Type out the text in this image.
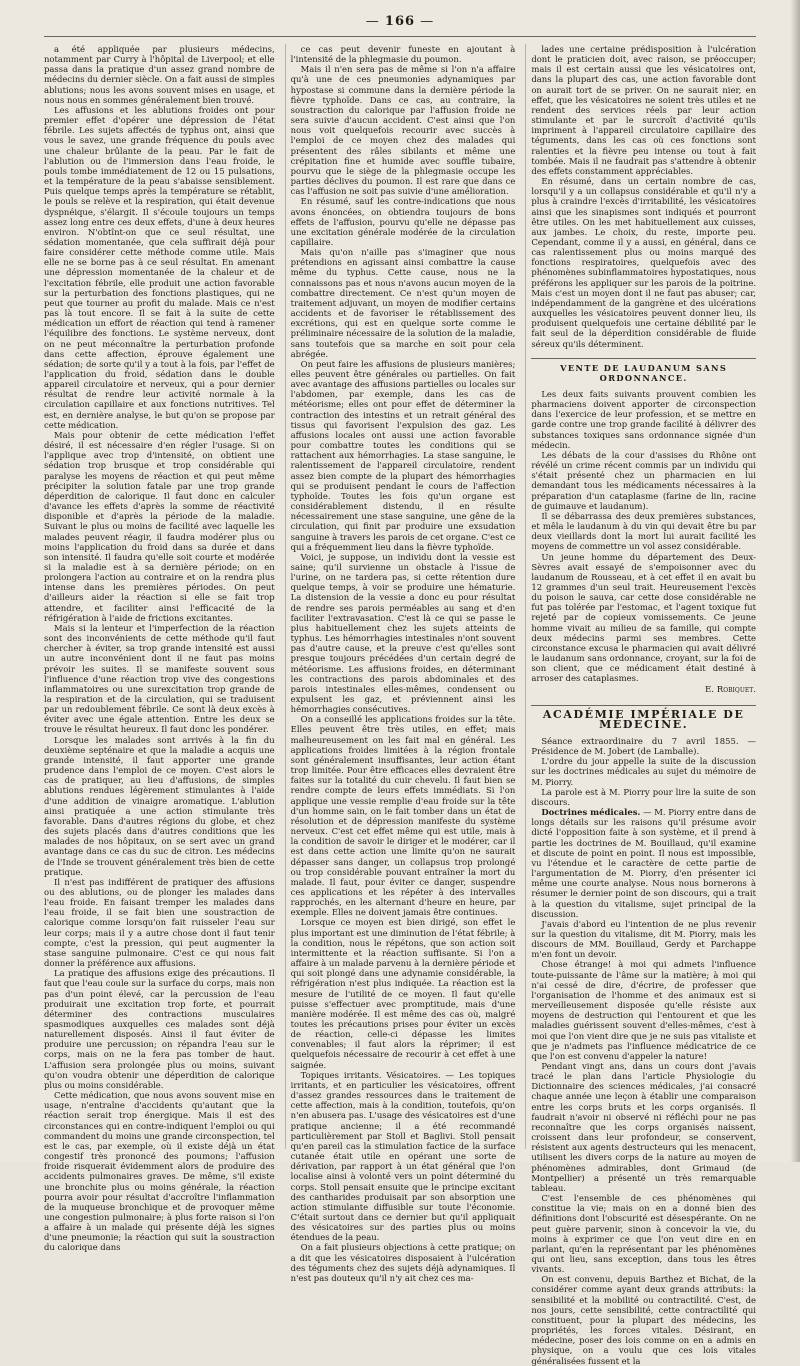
— 166 —

a été appliquée par plusieurs médecins, notamment par Curry à l'hôpital de Liverpool; et elle passa dans la pratique d'un assez grand nombre de médecins du dernier siècle. On a fait aussi de simples ablutions; nous les avons souvent mises en usage, et nous nous en sommes généralement bien trouvé.

Les affusions et les ablutions froides ont pour premier effet d'opérer une dépression de l'état fébrile. Les sujets affectés de typhus ont, ainsi que vous le savez, une grande fréquence du pouls avec une chaleur brûlante de la peau. Par le fait de l'ablution ou de l'immersion dans l'eau froide, le pouls tombe immédiatement de 12 ou 15 pulsations, et la température de la peau s'abaisse sensiblement. Puis quelque temps après la température se rétablit, le pouls se relève et la respiration, qui était devenue dyspnéique, s'élargit. Il s'écoule toujours un temps assez long entre ces deux effets, d'une à deux heures environ. N'obtînt-on que ce seul résultat, une sédation momentanée, que cela suffirait déjà pour faire considérer cette méthode comme utile. Mais elle ne se borne pas à ce seul résultat. En amenant une dépression momentanée de la chaleur et de l'excitation fébrile, elle produit une action favorable sur la perturbation des fonctions plastiques, qui ne peut que tourner au profit du malade. Mais ce n'est pas là tout encore. Il se fait à la suite de cette médication un effort de réaction qui tend à ramener l'équilibre des fonctions. Le système nerveux, dont on ne peut méconnaître la perturbation profonde dans cette affection, éprouve également une sédation; de sorte qu'il y a tout à la fois, par l'effet de l'application du froid, sédation dans le double appareil circulatoire et nerveux, qui a pour dernier résultat de rendre leur activité normale à la circulation capillaire et aux fonctions nutritives. Tel est, en dernière analyse, le but qu'on se propose par cette médication.

Mais pour obtenir de cette médication l'effet désiré, il est nécessaire d'en régler l'usage. Si on l'applique avec trop d'intensité, on obtient une sédation trop brusque et trop considérable qui paralyse les moyens de réaction et qui peut même précipiter la solution fatale par une trop grande déperdition de calorique. Il faut donc en calculer d'avance les effets d'après la somme de réactivité disponible et d'après la période de la maladie. Suivant le plus ou moins de facilité avec laquelle les malades peuvent réagir, il faudra modérer plus ou moins l'application du froid dans sa durée et dans son intensité. Il faudra qu'elle soit courte et modérée si la maladie est à sa dernière période; on en prolongera l'action au contraire et on la rendra plus intense dans les premières périodes. On peut d'ailleurs aider la réaction si elle se fait trop attendre, et faciliter ainsi l'efficacité de la réfrigération à l'aide de frictions excitantes.

Mais si la lenteur et l'imperfection de la réaction sont des inconvénients de cette méthode qu'il faut chercher à éviter, sa trop grande intensité est aussi un autre inconvénient dont il ne faut pas moins prévoir les suites. Il se manifeste souvent sous l'influence d'une réaction trop vive des congestions inflammatoires ou une surexcitation trop grande de la respiration et de la circulation, qui se traduisent par un redoublement fébrile. Ce sont là deux excès à éviter avec une égale attention. Entre les deux se trouve le résultat heureux. Il faut donc les pondérer.

Lorsque les malades sont arrivés à la fin du deuxième septénaire et que la maladie a acquis une grande intensité, il faut apporter une grande prudence dans l'emploi de ce moyen. C'est alors le cas de pratiquer, au lieu d'affusions, de simples ablutions rendues légèrement stimulantes à l'aide d'une addition de vinaigre aromatique. L'ablution ainsi pratiquée a une action stimulante très favorable. Dans d'autres régions du globe, et chez des sujets placés dans d'autres conditions que les malades de nos hôpitaux, on se sert avec un grand avantage dans ce cas du suc de citron. Les médecins de l'Inde se trouvent généralement très bien de cette pratique.

Il n'est pas indifférent de pratiquer des affusions ou des ablutions, ou de plonger les malades dans l'eau froide. En faisant tremper les malades dans l'eau froide, il se fait bien une soustraction de calorique comme lorsqu'on fait ruisseler l'eau sur leur corps; mais il y a autre chose dont il faut tenir compte, c'est la pression, qui peut augmenter la stase sanguine pulmonaire. C'est ce qui nous fait donner la préférence aux affusions.

La pratique des affusions exige des précautions. Il faut que l'eau coule sur la surface du corps, mais non pas d'un point élevé, car la percussion de l'eau produirait une excitation trop forte, et pourrait déterminer des contractions musculaires spasmodiques auxquelles ces malades sont déjà naturellement disposés. Ainsi il faut éviter de produire une percussion; on répandra l'eau sur le corps, mais on ne la fera pas tomber de haut. L'affusion sera prolongée plus ou moins, suivant qu'on voudra obtenir une déperdition de calorique plus ou moins considérable.

Cette médication, que nous avons souvent mise en usage, n'entraîne d'accidents qu'autant que la réaction serait trop énergique. Mais il est des circonstances qui en contre-indiquent l'emploi ou qui commandent du moins une grande circonspection, tel est le cas, par exemple, où il existe déjà un état congestif très prononcé des poumons; l'affusion froide risquerait évidemment alors de produire des accidents pulmonaires graves. De même, s'il existe une bronchite plus ou moins générale, la réaction pourra avoir pour résultat d'accroître l'inflammation de la muqueuse bronchique et de provoquer même une congestion pulmonaire; à plus forte raison si l'on a affaire à un malade qui présente déjà les signes d'une pneumonie; la réaction qui suit la soustraction du calorique dans

ce cas peut devenir funeste en ajoutant à l'intensité de la phlegmasie du poumon.

Mais il n'en sera pas de même si l'on n'a affaire qu'à une de ces pneumonies adynamiques par hypostase si commune dans la dernière période la fièvre typhoïde. Dans ce cas, au contraire, la soustraction du calorique par l'affusion froide ne sera suivie d'aucun accident. C'est ainsi que l'on nous voit quelquefois recourir avec succès à l'emploi de ce moyen chez des malades qui présentent des râles sibilants et même une crépitation fine et humide avec souffle tubaire, pourvu que le siège de la phlegmasie occupe les parties déclives du poumon. Il est rare que dans ce cas l'affusion ne soit pas suivie d'une amélioration.

En résumé, sauf les contre-indications que nous avons énoncées, on obtiendra toujours de bons effets de l'affusion, pourvu qu'elle ne dépasse pas une excitation générale modérée de la circulation capillaire.

Mais qu'on n'aille pas s'imaginer que nous prétendions en agissant ainsi combattre la cause même du typhus. Cette cause, nous ne la connaissons pas et nous n'avons aucun moyen de la combattre directement. Ce n'est qu'un moyen de traitement adjuvant, un moyen de modifier certains accidents et de favoriser le rétablissement des excrétions, qui est en quelque sorte comme le préliminaire nécessaire de la solution de la maladie, sans toutefois que sa marche en soit pour cela abrégée.

On peut faire les affusions de plusieurs manières; elles peuvent être générales ou partielles. On fait avec avantage des affusions partielles ou locales sur l'abdomen, par exemple, dans les cas de météorisme; elles ont pour effet de déterminer la contraction des intestins et un retrait général des tissus qui favorisent l'expulsion des gaz. Les affusions locales ont aussi une action favorable pour combattre toutes les conditions qui se rattachent aux hémorrhagies. La stase sanguine, le ralentissement de l'appareil circulatoire, rendent assez bien compte de la plupart des hémorrhagies qui se produisent pendant le cours de l'affection typhoïde. Toutes les fois qu'un organe est considérablement distendu, il en résulte nécessairement une stase sanguine, une gêne de la circulation, qui finit par produire une exsudation sanguine à travers les parois de cet organe. C'est ce qui a fréquemment lieu dans la fièvre typhoïde.

Voici, je suppose, un individu dont la vessie est saine; qu'il survienne un obstacle à l'issue de l'urine, on ne tardera pas, si cette rétention dure quelque temps, à voir se produire une hématurie. La distension de la vessie a donc eu pour résultat de rendre ses parois perméables au sang et d'en faciliter l'extravasation. C'est là ce qui se passe le plus habituellement chez les sujets atteints de typhus. Les hémorrhagies intestinales n'ont souvent pas d'autre cause, et la preuve c'est qu'elles sont presque toujours précédées d'un certain degré de météorisme. Les affusions froides, en déterminant les contractions des parois abdominales et des parois intestinales elles-mêmes, condensent ou expulsent les gaz, et préviennent ainsi les hémorrhagies consécutives.

On a conseillé les applications froides sur la tête. Elles peuvent être très utiles, en effet; mais malheureusement on les fait mal en général. Les applications froides limitées à la région frontale sont généralement insuffisantes, leur action étant trop limitée. Pour être efficaces elles devraient être faites sur la totalité du cuir chevelu. Il faut bien se rendre compte de leurs effets immédiats. Si l'on applique une vessie remplie d'eau froide sur la tête d'un homme sain, on le fait tomber dans un état de résolution et de dépression manifeste du système nerveux. C'est cet effet même qui est utile, mais à la condition de savoir le diriger et le modérer, car il est dans cette action une limite qu'on ne saurait dépasser sans danger, un collapsus trop prolongé ou trop considérable pouvant entraîner la mort du malade. Il faut, pour éviter ce danger, suspendre ces applications et les répéter à des intervalles rapprochés, en les alternant d'heure en heure, par exemple. Elles ne doivent jamais être continues.

Lorsque ce moyen est bien dirigé, son effet le plus important est une diminution de l'état fébrile; à la condition, nous le répétons, que son action soit intermittente et la réaction suffisante. Si l'on a affaire à un malade parvenu à la dernière période et qui soit plongé dans une adynamie considérable, la réfrigération n'est plus indiquée. La réaction est la mesure de l'utilité de ce moyen. Il faut qu'elle puisse s'effectuer avec promptitude, mais d'une manière modérée. Il est même des cas où, malgré toutes les précautions prises pour éviter un excès de réaction, celle-ci dépasse les limites convenables; il faut alors la réprimer; il est quelquefois nécessaire de recourir à cet effet à une saignée.

Topiques irritants. Vésicatoires. — Les topiques irritants, et en particulier les vésicatoires, offrent d'assez grandes ressources dans le traitement de cette affection, mais à la condition, toutefois, qu'on n'en abusera pas. L'usage des vésicatoires est d'une pratique ancienne; il a été recommandé particulièrement par Stoll et Baglivi. Stoll pensait qu'en pareil cas la stimulation factice de la surface cutanée était utile en opérant une sorte de dérivation, par rapport à un état général que l'on localise ainsi à volonté vers un point déterminé du corps. Stoll pensait ensuite que le principe excitant des cantharides produisait par son absorption une action stimulante diffusible sur toute l'économie. C'était surtout dans ce dernier but qu'il appliquait des vésicatoires sur des parties plus ou moins étendues de la peau.

On a fait plusieurs objections à cette pratique; on a dit que les vésicatoires disposaient à l'ulcération des téguments chez des sujets déjà adynamiques. Il n'est pas douteux qu'il n'y ait chez ces ma-

lades une certaine prédisposition à l'ulcération dont le praticien doit, avec raison, se préoccuper; mais il est certain aussi que les vésicatoires ont, dans la plupart des cas, une action favorable dont on aurait tort de se priver. On ne saurait nier, en effet, que les vésicatoires ne soient très utiles et ne rendent des services réels par leur action stimulante et par le surcroît d'activité qu'ils impriment à l'appareil circulatoire capillaire des téguments, dans les cas où ces fonctions sont ralenties et la fièvre peu intense ou tout à fait tombée. Mais il ne faudrait pas s'attendre à obtenir des effets constamment appréciables.

En résumé, dans un certain nombre de cas, lorsqu'il y a un collapsus considérable et qu'il n'y a plus à craindre l'excès d'irritabilité, les vésicatoires ainsi que les sinapismes sont indiqués et pourront être utiles. On les met habituellement aux cuisses, aux jambes. Le choix, du reste, importe peu. Cependant, comme il y a aussi, en général, dans ce cas ralentissement plus ou moins marqué des fonctions respiratoires, quelquefois avec des phénomènes subinflammatoires hypostatiques, nous préférons les appliquer sur les parois de la poitrine. Mais c'est un moyen dont il ne faut pas abuser; car, indépendamment de la gangrène et des ulcérations auxquelles les vésicatoires peuvent donner lieu, ils produisent quelquefois une certaine débilité par le fait seul de la déperdition considérable de fluide séreux qu'ils déterminent.

VENTE DE LAUDANUM SANS ORDONNANCE.

Les deux faits suivants prouvent combien les pharmaciens doivent apporter de circonspection dans l'exercice de leur profession, et se mettre en garde contre une trop grande facilité à délivrer des substances toxiques sans ordonnance signée d'un médecin.

Les débats de la cour d'assises du Rhône ont révélé un crime récent commis par un individu qui s'était présenté chez un pharmacien en lui demandant tous les médicaments nécessaires à la préparation d'un cataplasme (farine de lin, racine de guimauve et laudanum).

Il se débarrassa des deux premières substances, et mêla le laudanum à du vin qui devait être bu par deux vieillards dont la mort lui aurait facilité les moyens de commettre un vol assez considérable.

Un jeune homme du département des Deux-Sèvres avait essayé de s'empoisonner avec du laudanum de Rousseau, et à cet effet il en avait bu 12 grammes d'un seul trait. Heureusement l'excès du poison le sauva, car cette dose considérable ne fut pas tolérée par l'estomac, et l'agent toxique fut rejeté par de copieux vomissements. Ce jeune homme vivait au milieu de sa famille, qui compte deux médecins parmi ses membres. Cette circonstance excusa le pharmacien qui avait délivré le laudanum sans ordonnance, croyant, sur la foi de son client, que ce médicament était destiné à arroser des cataplasmes.

E. Robiquet.
ACADÉMIE IMPÉRIALE DE MÉDECINE.

Séance extraordinaire du 7 avril 1855. — Présidence de M. Jobert (de Lamballe).

L'ordre du jour appelle la suite de la discussion sur les doctrines médicales au sujet du mémoire de M. Piorry.

La parole est à M. Piorry pour lire la suite de son discours.

Doctrines médicales. — M. Piorry entre dans de longs détails sur les raisons qu'il présume avoir dicté l'opposition faite à son système, et il prend à partie les doctrines de M. Bouillaud, qu'il examine et discute de point en point. Il nous est impossible, vu l'étendue et le caractère de cette partie de l'argumentation de M. Piorry, d'en présenter ici même une courte analyse. Nous nous bornerons à résumer le dernier point de son discours, qui a trait à la question du vitalisme, sujet principal de la discussion.

J'avais d'abord eu l'intention de ne plus revenir sur la question du vitalisme, dit M. Piorry, mais les discours de MM. Bouillaud, Gerdy et Parchappe m'en font un devoir.

Chose étrange! à moi qui admets l'influence toute-puissante de l'âme sur la matière; à moi qui n'ai cessé de dire, d'écrire, de professer que l'organisation de l'homme et des animaux est si merveilleusement disposée qu'elle résiste aux moyens de destruction qui l'entourent et que les maladies guérissent souvent d'elles-mêmes, c'est à moi que l'on vient dire que je ne suis pas vitaliste et que je n'admets pas l'influence médicatrice de ce que l'on est convenu d'appeler la nature!

Pendant vingt ans, dans un cours dont j'avais tracé le plan dans l'article Physiologie du Dictionnaire des sciences médicales, j'ai consacré chaque année une leçon à établir une comparaison entre les corps bruts et les corps organisés. Il faudrait n'avoir ni observé ni réfléchi pour ne pas reconnaître que les corps organisés naissent, croissent dans leur profondeur, se conservent, résistent aux agents destructeurs qui les menacent, utilisent les divers corps de la nature au moyen de phénomènes admirables, dont Grimaud (de Montpellier) a présenté un très remarquable tableau.

C'est l'ensemble de ces phénomènes qui constitue la vie; mais on en a donné bien des définitions dont l'obscurité est désespérante. On ne peut guère parvenir, sinon à concevoir la vie, du moins à exprimer ce que l'on veut dire en en parlant, qu'en la représentant par les phénomènes qui ont lieu, sans exception, dans tous les êtres vivants.

On est convenu, depuis Barthez et Bichat, de la considérer comme ayant deux grands attributs: la sensibilité et la mobilité ou contractilité. C'est, de nos jours, cette sensibilité, cette contractilité qui constituent, pour la plupart des médecins, les propriétés, les forces vitales. Désirant, en médecine, poser des lois comme on en a admis en physique, on a voulu que ces lois vitales généralisées fussent et la
